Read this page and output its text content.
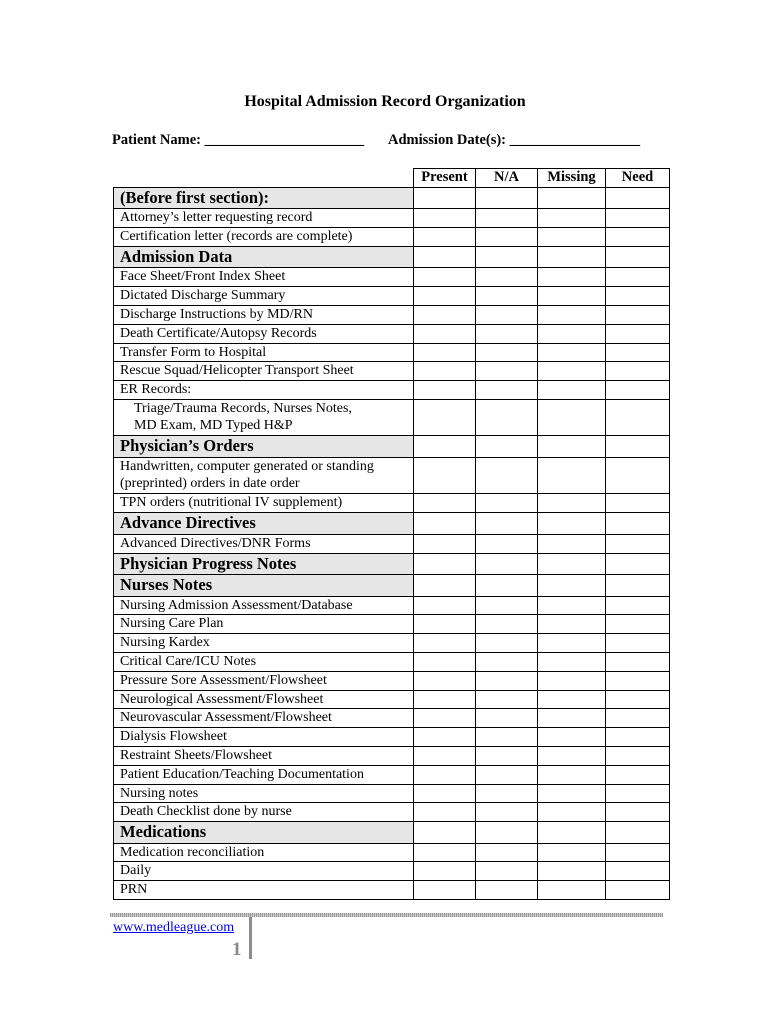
Hospital Admission Record Organization
Patient Name: ______________________ Admission Date(s): __________________
	Present	N/A	Missing	Need
(Before first section):				
Attorney’s letter requesting record				
Certification letter (records are complete)				
Admission Data				
Face Sheet/Front Index Sheet				
Dictated Discharge Summary				
Discharge Instructions by MD/RN				
Death Certificate/Autopsy Records				
Transfer Form to Hospital				
Rescue Squad/Helicopter Transport Sheet				
ER Records:				

Triage/Trauma Records, Nurses Notes,
MD Exam, MD Typed H&P				

Physician’s Orders				

Handwritten, computer generated or standing
(preprinted) orders in date order				

TPN orders (nutritional IV supplement)				
Advance Directives				
Advanced Directives/DNR Forms				
Physician Progress Notes				
Nurses Notes				
Nursing Admission Assessment/Database				
Nursing Care Plan				
Nursing Kardex				
Critical Care/ICU Notes				
Pressure Sore Assessment/Flowsheet				
Neurological Assessment/Flowsheet				
Neurovascular Assessment/Flowsheet				
Dialysis Flowsheet				
Restraint Sheets/Flowsheet				
Patient Education/Teaching Documentation				
Nursing notes				
Death Checklist done by nurse				
Medications				
Medication reconciliation				
Daily				
PRN				
www.medleague.com
1
